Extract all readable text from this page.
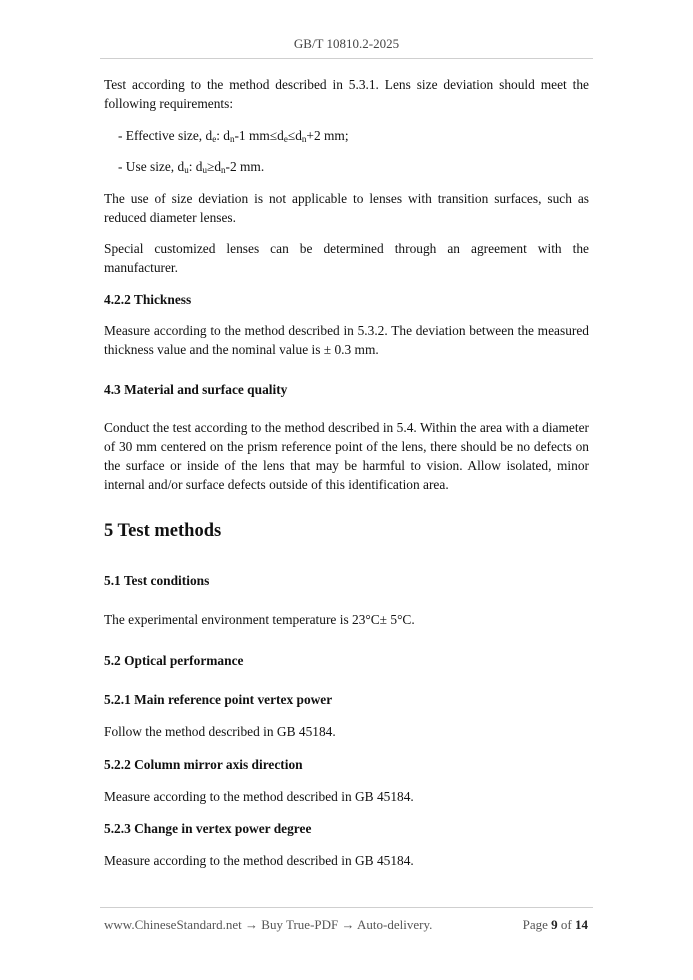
GB/T 10810.2-2025
Test according to the method described in 5.3.1. Lens size deviation should meet the following requirements:
- Effective size, $d_e$: $d_n-1$ $mm\le d_e\le d_n+2$ mm;
- Use size, $d_u$: $d_u\ge d_n-2$ mm.
The use of size deviation is not applicable to lenses with transition surfaces, such as reduced diameter lenses.
Special customized lenses can be determined through an agreement with the manufacturer.
4.2.2 Thickness
Measure according to the method described in 5.3.2. The deviation between the measured thickness value and the nominal value is ± 0.3 mm.
4.3 Material and surface quality
Conduct the test according to the method described in 5.4. Within the area with a diameter of 30 mm centered on the prism reference point of the lens, there should be no defects on the surface or inside of the lens that may be harmful to vision. Allow isolated, minor internal and/or surface defects outside of this identification area.
5 Test methods
5.1 Test conditions
The experimental environment temperature is 23°C± 5°C.
5.2 Optical performance
5.2.1 Main reference point vertex power
Follow the method described in GB 45184.
5.2.2 Column mirror axis direction
Measure according to the method described in GB 45184.
5.2.3 Change in vertex power degree
Measure according to the method described in GB 45184.
www.ChineseStandard.net → Buy True-PDF → Auto-delivery.	Page 9 of 14
